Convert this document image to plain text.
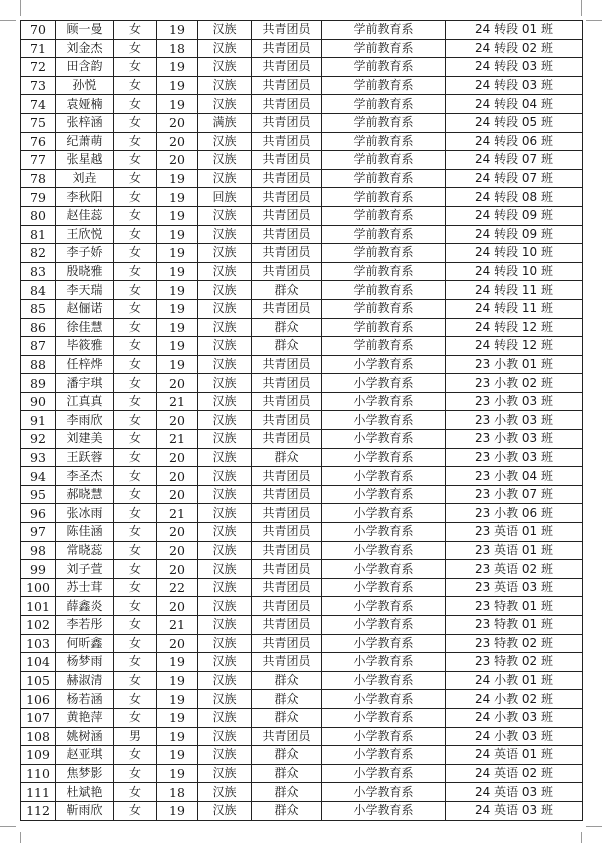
70	顾一曼	女	19	汉族	共青团员	学前教育系	24 转段 01 班
71	刘金杰	女	18	汉族	共青团员	学前教育系	24 转段 02 班
72	田含韵	女	19	汉族	共青团员	学前教育系	24 转段 03 班
73	孙悦	女	19	汉族	共青团员	学前教育系	24 转段 03 班
74	袁娅楠	女	19	汉族	共青团员	学前教育系	24 转段 04 班
75	张梓涵	女	20	满族	共青团员	学前教育系	24 转段 05 班
76	纪萧萌	女	20	汉族	共青团员	学前教育系	24 转段 06 班
77	张星越	女	20	汉族	共青团员	学前教育系	24 转段 07 班
78	刘垚	女	19	汉族	共青团员	学前教育系	24 转段 07 班
79	李秋阳	女	19	回族	共青团员	学前教育系	24 转段 08 班
80	赵佳蕊	女	19	汉族	共青团员	学前教育系	24 转段 09 班
81	王欣悦	女	19	汉族	共青团员	学前教育系	24 转段 09 班
82	李子娇	女	19	汉族	共青团员	学前教育系	24 转段 10 班
83	殷晓雅	女	19	汉族	共青团员	学前教育系	24 转段 10 班
84	李天瑞	女	19	汉族	群众	学前教育系	24 转段 11 班
85	赵俪诺	女	19	汉族	共青团员	学前教育系	24 转段 11 班
86	徐佳慧	女	19	汉族	群众	学前教育系	24 转段 12 班
87	毕筱雅	女	19	汉族	群众	学前教育系	24 转段 12 班
88	任梓烨	女	19	汉族	共青团员	小学教育系	23 小教 01 班
89	潘宇琪	女	20	汉族	共青团员	小学教育系	23 小教 02 班
90	江真真	女	21	汉族	共青团员	小学教育系	23 小教 03 班
91	李雨欣	女	20	汉族	共青团员	小学教育系	23 小教 03 班
92	刘建美	女	21	汉族	共青团员	小学教育系	23 小教 03 班
93	王跃蓉	女	20	汉族	群众	小学教育系	23 小教 03 班
94	李圣杰	女	20	汉族	共青团员	小学教育系	23 小教 04 班
95	郝晓慧	女	20	汉族	共青团员	小学教育系	23 小教 07 班
96	张冰雨	女	21	汉族	共青团员	小学教育系	23 小教 06 班
97	陈佳涵	女	20	汉族	共青团员	小学教育系	23 英语 01 班
98	常晓蕊	女	20	汉族	共青团员	小学教育系	23 英语 01 班
99	刘子萱	女	20	汉族	共青团员	小学教育系	23 英语 02 班
100	苏士茸	女	22	汉族	共青团员	小学教育系	23 英语 03 班
101	薛鑫炎	女	20	汉族	共青团员	小学教育系	23 特教 01 班
102	李若彤	女	21	汉族	共青团员	小学教育系	23 特教 01 班
103	何昕鑫	女	20	汉族	共青团员	小学教育系	23 特教 02 班
104	杨梦雨	女	19	汉族	共青团员	小学教育系	23 特教 02 班
105	赫淑清	女	19	汉族	群众	小学教育系	24 小教 01 班
106	杨若涵	女	19	汉族	群众	小学教育系	24 小教 02 班
107	黄艳萍	女	19	汉族	群众	小学教育系	24 小教 03 班
108	姚树涵	男	19	汉族	共青团员	小学教育系	24 小教 03 班
109	赵亚琪	女	19	汉族	群众	小学教育系	24 英语 01 班
110	焦梦影	女	19	汉族	群众	小学教育系	24 英语 02 班
111	杜斌艳	女	18	汉族	群众	小学教育系	24 英语 03 班
112	靳雨欣	女	19	汉族	群众	小学教育系	24 英语 03 班
